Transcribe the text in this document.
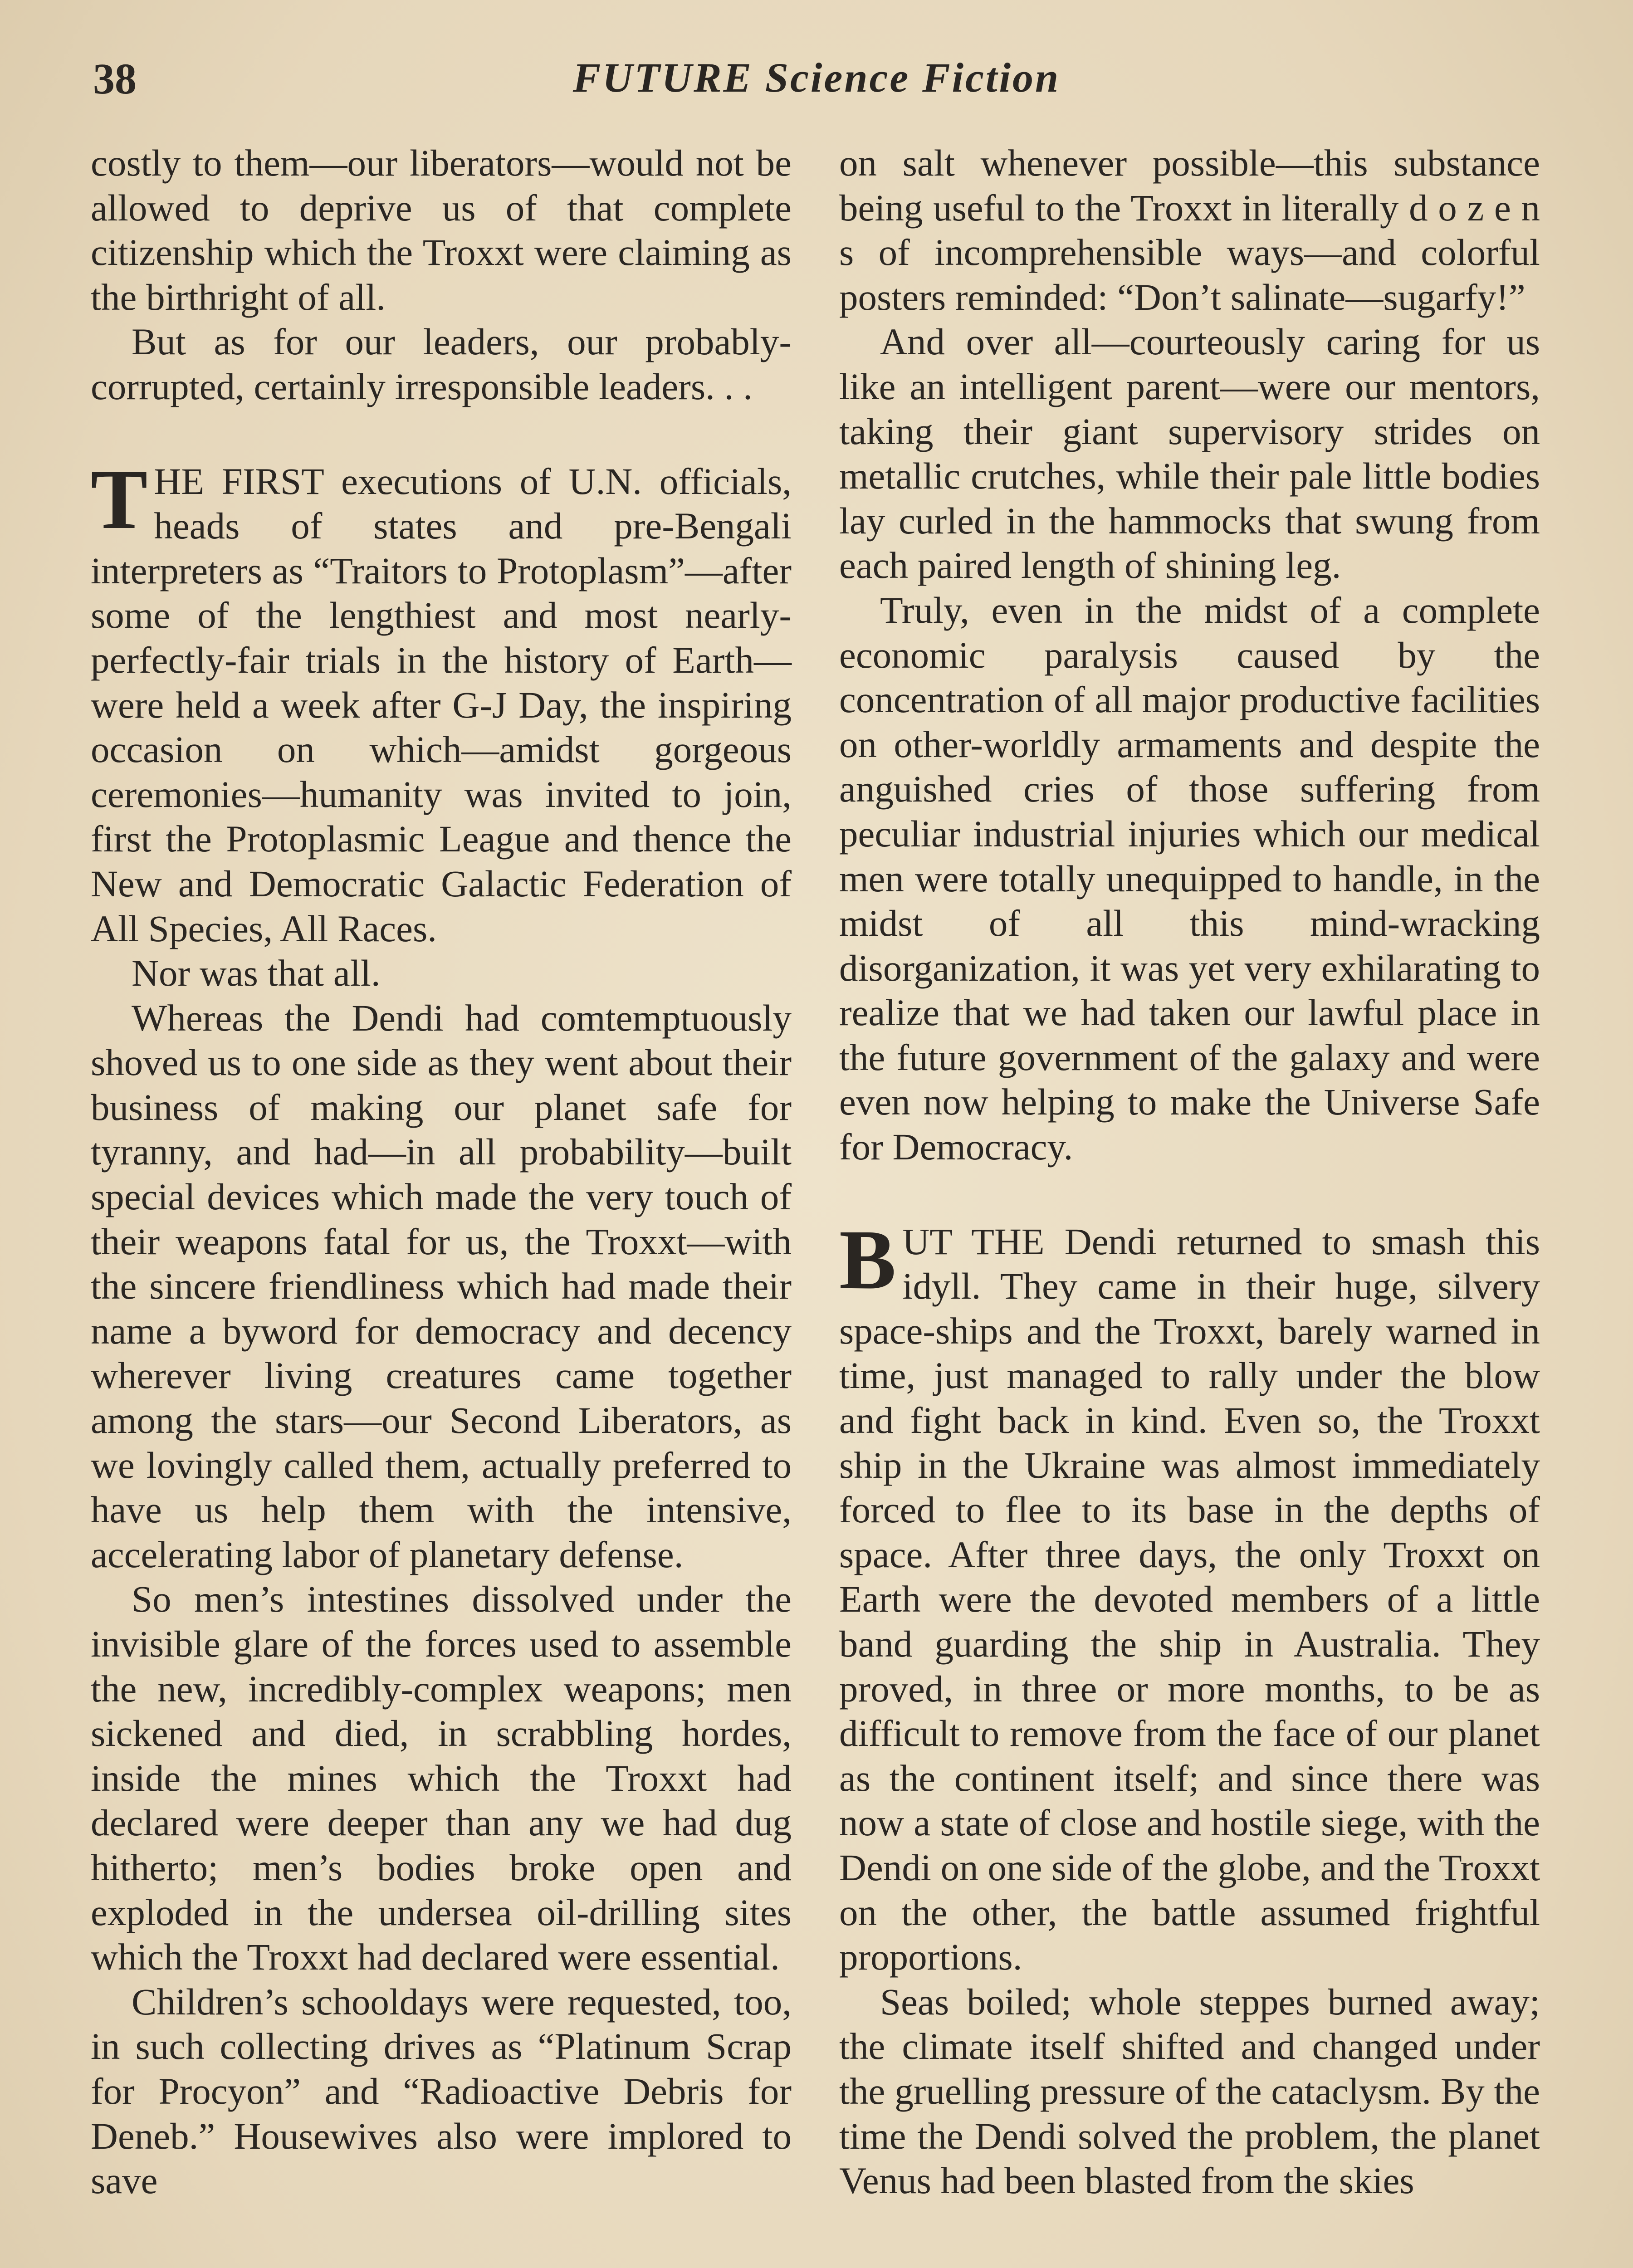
38	FUTURE Science Fiction

costly to them—our liberators—would not be allowed to deprive us of that complete citizenship which the Troxxt were claiming as the birthright of all.

But as for our leaders, our probably-corrupted, certainly irresponsible leaders. . .

THE FIRST executions of U.N. officials, heads of states and pre-Bengali interpreters as “Traitors to Protoplasm”—after some of the lengthiest and most nearly-perfectly-fair trials in the history of Earth—were held a week after G-J Day, the inspiring occasion on which—amidst gorgeous ceremonies—humanity was invited to join, first the Protoplasmic League and thence the New and Democratic Galactic Federation of All Species, All Races.

Nor was that all.

Whereas the Dendi had comtemptuously shoved us to one side as they went about their business of making our planet safe for tyranny, and had—in all probability—built special devices which made the very touch of their weapons fatal for us, the Troxxt—with the sincere friendliness which had made their name a byword for democracy and decency wherever living creatures came together among the stars—our Second Liberators, as we lovingly called them, actually preferred to have us help them with the intensive, accelerating labor of planetary defense.

So men’s intestines dissolved under the invisible glare of the forces used to assemble the new, incredibly-complex weapons; men sickened and died, in scrabbling hordes, inside the mines which the Troxxt had declared were deeper than any we had dug hitherto; men’s bodies broke open and exploded in the undersea oil-drilling sites which the Troxxt had declared were essential.

Children’s schooldays were requested, too, in such collecting drives as “Platinum Scrap for Procyon” and “Radioactive Debris for Deneb.” Housewives also were implored to save

on salt whenever possible—this substance being useful to the Troxxt in literally d o z e n s of incomprehensible ways—and colorful posters reminded: “Don’t salinate—sugarfy!”

And over all—courteously caring for us like an intelligent parent—were our mentors, taking their giant supervisory strides on metallic crutches, while their pale little bodies lay curled in the hammocks that swung from each paired length of shining leg.

Truly, even in the midst of a complete economic paralysis caused by the concentration of all major productive facilities on other-worldly armaments and despite the anguished cries of those suffering from peculiar industrial injuries which our medical men were totally unequipped to handle, in the midst of all this mind-wracking disorganization, it was yet very exhilarating to realize that we had taken our lawful place in the future government of the galaxy and were even now helping to make the Universe Safe for Democracy.

BUT THE Dendi returned to smash this idyll. They came in their huge, silvery space-ships and the Troxxt, barely warned in time, just managed to rally under the blow and fight back in kind. Even so, the Troxxt ship in the Ukraine was almost immediately forced to flee to its base in the depths of space. After three days, the only Troxxt on Earth were the devoted members of a little band guarding the ship in Australia. They proved, in three or more months, to be as difficult to remove from the face of our planet as the continent itself; and since there was now a state of close and hostile siege, with the Dendi on one side of the globe, and the Troxxt on the other, the battle assumed frightful proportions.

Seas boiled; whole steppes burned away; the climate itself shifted and changed under the gruelling pressure of the cataclysm. By the time the Dendi solved the problem, the planet Venus had been blasted from the skies
